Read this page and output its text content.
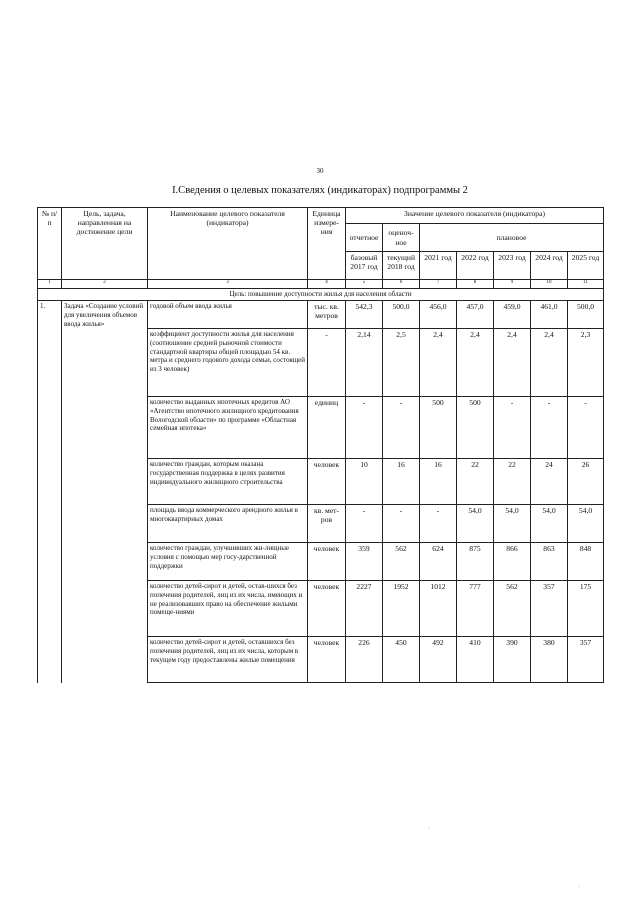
30
I.Сведения о целевых показателях (индикаторах) подпрограммы 2
№ п/п	Цель, задача, направленная на достижение цели	Наименование целевого показателя (индикатора)	Единица измере-ния	Значение целевого показателя (индикатора)						
				отчетное	оценоч-ное	плановое				
				базовый 2017 год	текущий 2018 год	2021 год	2022 год	2023 год	2024 год	2025 год
1	2	3	4	5	6	7	8	9	10	11
Цель: повышение доступности жилья для населения области										
1.	Задача «Создание условий для увеличения объемов ввода жилья»	годовой объем ввода жилья	тыс. кв. метров	542,3	500,0	456,0	457,0	459,0	461,0	500,0
		коэффициент доступности жилья для населения (соотношение средней рыночной стоимости стандартной квартиры общей площадью 54 кв. метра и среднего годового дохода семьи, состоящей из 3 человек)	-	2,14	2,5	2,4	2,4	2,4	2,4	2,3
		количество выданных ипотечных кредитов АО «Агентство ипотечного жилищного кредитования Вологодской области» по программе «Областная семейная ипотека»	единиц	-	-	500	500	-	-	-
		количество граждан, которым оказана государственная поддержка в целях развития индивидуального жилищного строительства	человек	10	16	16	22	22	24	26
		площадь ввода коммерческого арендного жилья в многоквартирных домах	кв. мет-ров	-	-	-	54,0	54,0	54,0	54,0
		количество граждан, улучшивших жи-лищные условия с помощью мер госу-дарственной поддержки	человек	359	562	624	875	866	863	848
		количество детей-сирот и детей, остав-шихся без попечения родителей, лиц из их числа, имеющих и не реализовавших право на обеспечение жилыми помеще-ниями	человек	2227	1952	1012	777	562	357	175
		количество детей-сирот и детей, оставшихся без попечения родителей, лиц из их числа, которым в текущем году предоставлены жилые помещения	человек	226	450	492	410	390	380	357
·
·
